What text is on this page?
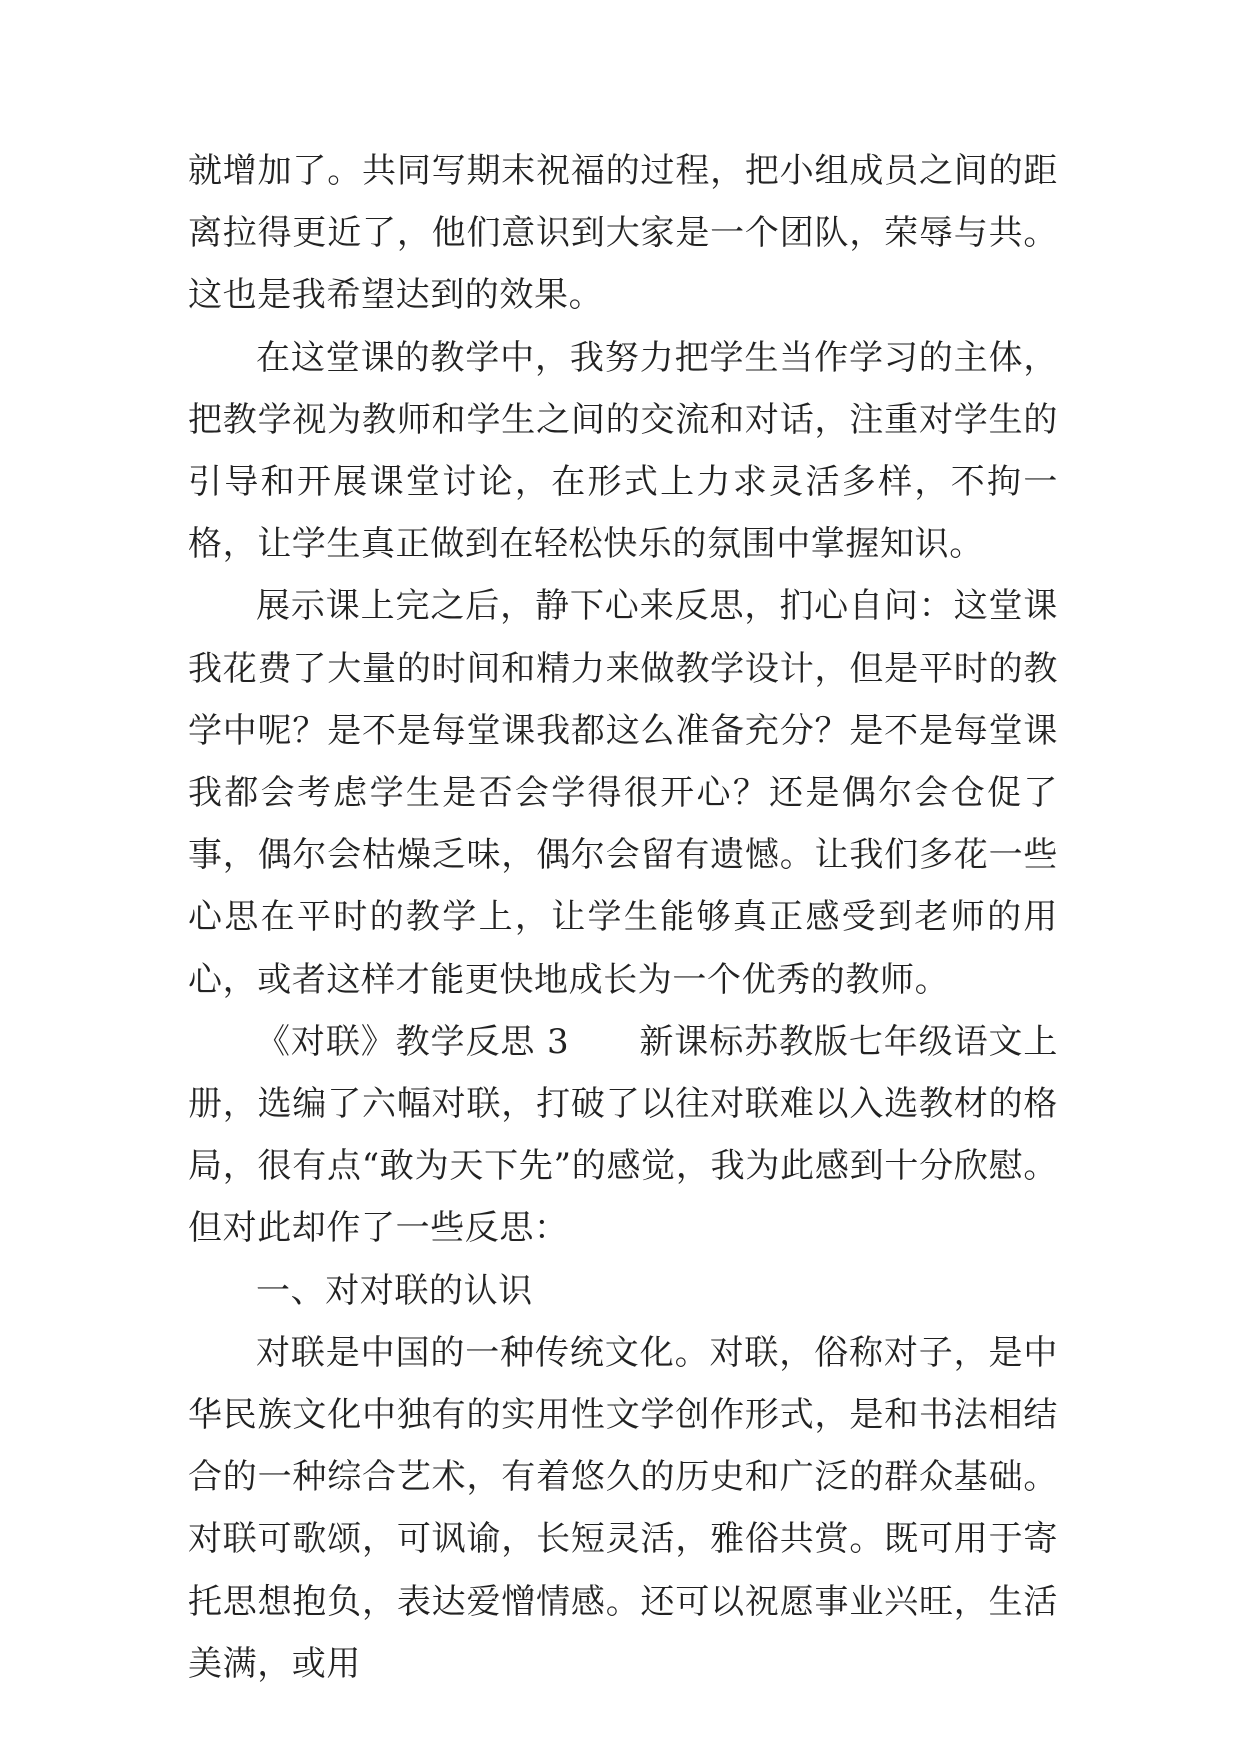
就增加了。共同写期末祝福的过程，把小组成员之间的距离拉得更近了，他们意识到大家是一个团队，荣辱与共。这也是我希望达到的效果。

在这堂课的教学中，我努力把学生当作学习的主体，把教学视为教师和学生之间的交流和对话，注重对学生的引导和开展课堂讨论，在形式上力求灵活多样，不拘一格，让学生真正做到在轻松快乐的氛围中掌握知识。

展示课上完之后，静下心来反思，扪心自问：这堂课我花费了大量的时间和精力来做教学设计，但是平时的教学中呢？是不是每堂课我都这么准备充分？是不是每堂课我都会考虑学生是否会学得很开心？还是偶尔会仓促了事，偶尔会枯燥乏味，偶尔会留有遗憾。让我们多花一些心思在平时的教学上，让学生能够真正感受到老师的用心，或者这样才能更快地成长为一个优秀的教师。

《对联》教学反思 3　　新课标苏教版七年级语文上册，选编了六幅对联，打破了以往对联难以入选教材的格局，很有点“敢为天下先”的感觉，我为此感到十分欣慰。但对此却作了一些反思：

一、对对联的认识

对联是中国的一种传统文化。对联，俗称对子，是中华民族文化中独有的实用性文学创作形式，是和书法相结合的一种综合艺术，有着悠久的历史和广泛的群众基础。对联可歌颂，可讽谕，长短灵活，雅俗共赏。既可用于寄托思想抱负，表达爱憎情感。还可以祝愿事业兴旺，生活美满，或用
